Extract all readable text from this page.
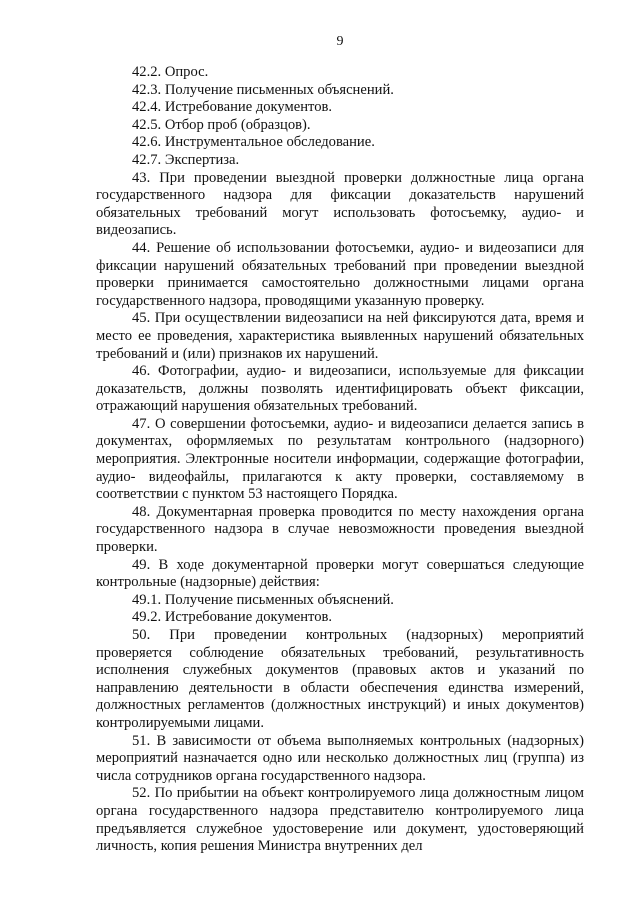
9

42.2. Опрос.

42.3. Получение письменных объяснений.

42.4. Истребование документов.

42.5. Отбор проб (образцов).

42.6. Инструментальное обследование.

42.7. Экспертиза.

43. При проведении выездной проверки должностные лица органа государственного надзора для фиксации доказательств нарушений обязательных требований могут использовать фотосъемку, аудио- и видеозапись.

44. Решение об использовании фотосъемки, аудио- и видеозаписи для фиксации нарушений обязательных требований при проведении выездной проверки принимается самостоятельно должностными лицами органа государственного надзора, проводящими указанную проверку.

45. При осуществлении видеозаписи на ней фиксируются дата, время и место ее проведения, характеристика выявленных нарушений обязательных требований и (или) признаков их нарушений.

46. Фотографии, аудио- и видеозаписи, используемые для фиксации доказательств, должны позволять идентифицировать объект фиксации, отражающий нарушения обязательных требований.

47. О совершении фотосъемки, аудио- и видеозаписи делается запись в документах, оформляемых по результатам контрольного (надзорного) мероприятия. Электронные носители информации, содержащие фотографии, аудио- видеофайлы, прилагаются к акту проверки, составляемому в соответствии с пунктом 53 настоящего Порядка.

48. Документарная проверка проводится по месту нахождения органа государственного надзора в случае невозможности проведения выездной проверки.

49. В ходе документарной проверки могут совершаться следующие контрольные (надзорные) действия:

49.1. Получение письменных объяснений.

49.2. Истребование документов.

50. При проведении контрольных (надзорных) мероприятий проверяется соблюдение обязательных требований, результативность исполнения служебных документов (правовых актов и указаний по направлению деятельности в области обеспечения единства измерений, должностных регламентов (должностных инструкций) и иных документов) контролируемыми лицами.

51. В зависимости от объема выполняемых контрольных (надзорных) мероприятий назначается одно или несколько должностных лиц (группа) из числа сотрудников органа государственного надзора.

52. По прибытии на объект контролируемого лица должностным лицом органа государственного надзора представителю контролируемого лица предъявляется служебное удостоверение или документ, удостоверяющий личность, копия решения Министра внутренних дел
